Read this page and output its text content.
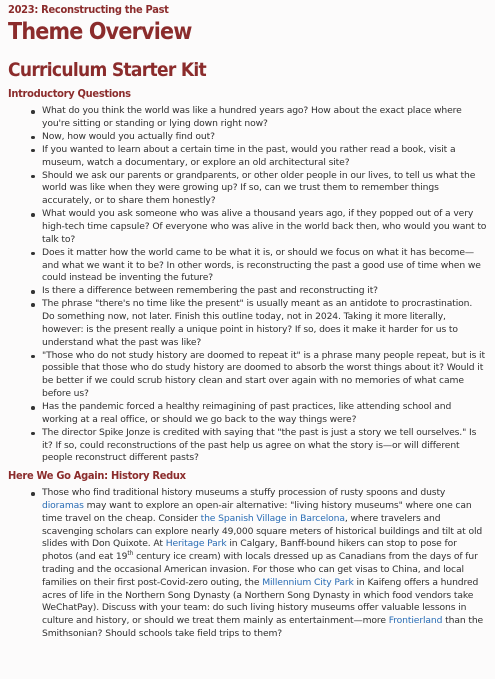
2023: Reconstructing the Past
Theme Overview
Curriculum Starter Kit
Introductory Questions
What do you think the world was like a hundred years ago? How about the exact place where you're sitting or standing or lying down right now?
Now, how would you actually find out?
If you wanted to learn about a certain time in the past, would you rather read a book, visit a museum, watch a documentary, or explore an old architectural site?
Should we ask our parents or grandparents, or other older people in our lives, to tell us what the world was like when they were growing up? If so, can we trust them to remember things accurately, or to share them honestly?
What would you ask someone who was alive a thousand years ago, if they popped out of a very high-tech time capsule? Of everyone who was alive in the world back then, who would you want to talk to?
Does it matter how the world came to be what it is, or should we focus on what it has become—and what we want it to be? In other words, is reconstructing the past a good use of time when we could instead be inventing the future?
Is there a difference between remembering the past and reconstructing it?
The phrase "there's no time like the present" is usually meant as an antidote to procrastination. Do something now, not later. Finish this outline today, not in 2024. Taking it more literally, however: is the present really a unique point in history? If so, does it make it harder for us to understand what the past was like?
"Those who do not study history are doomed to repeat it" is a phrase many people repeat, but is it possible that those who do study history are doomed to absorb the worst things about it? Would it be better if we could scrub history clean and start over again with no memories of what came before us?
Has the pandemic forced a healthy reimagining of past practices, like attending school and working at a real office, or should we go back to the way things were?
The director Spike Jonze is credited with saying that "the past is just a story we tell ourselves." Is it? If so, could reconstructions of the past help us agree on what the story is—or will different people reconstruct different pasts?
Here We Go Again: History Redux
Those who find traditional history museums a stuffy procession of rusty spoons and dusty dioramas may want to explore an open-air alternative: "living history museums" where one can time travel on the cheap. Consider the Spanish Village in Barcelona, where travelers and scavenging scholars can explore nearly 49,000 square meters of historical buildings and tilt at old slides with Don Quixote. At Heritage Park in Calgary, Banff-bound hikers can stop to pose for photos (and eat 19th century ice cream) with locals dressed up as Canadians from the days of fur trading and the occasional American invasion. For those who can get visas to China, and local families on their first post-Covid-zero outing, the Millennium City Park in Kaifeng offers a hundred acres of life in the Northern Song Dynasty (a Northern Song Dynasty in which food vendors take WeChatPay). Discuss with your team: do such living history museums offer valuable lessons in culture and history, or should we treat them mainly as entertainment—more Frontierland than the Smithsonian? Should schools take field trips to them?
